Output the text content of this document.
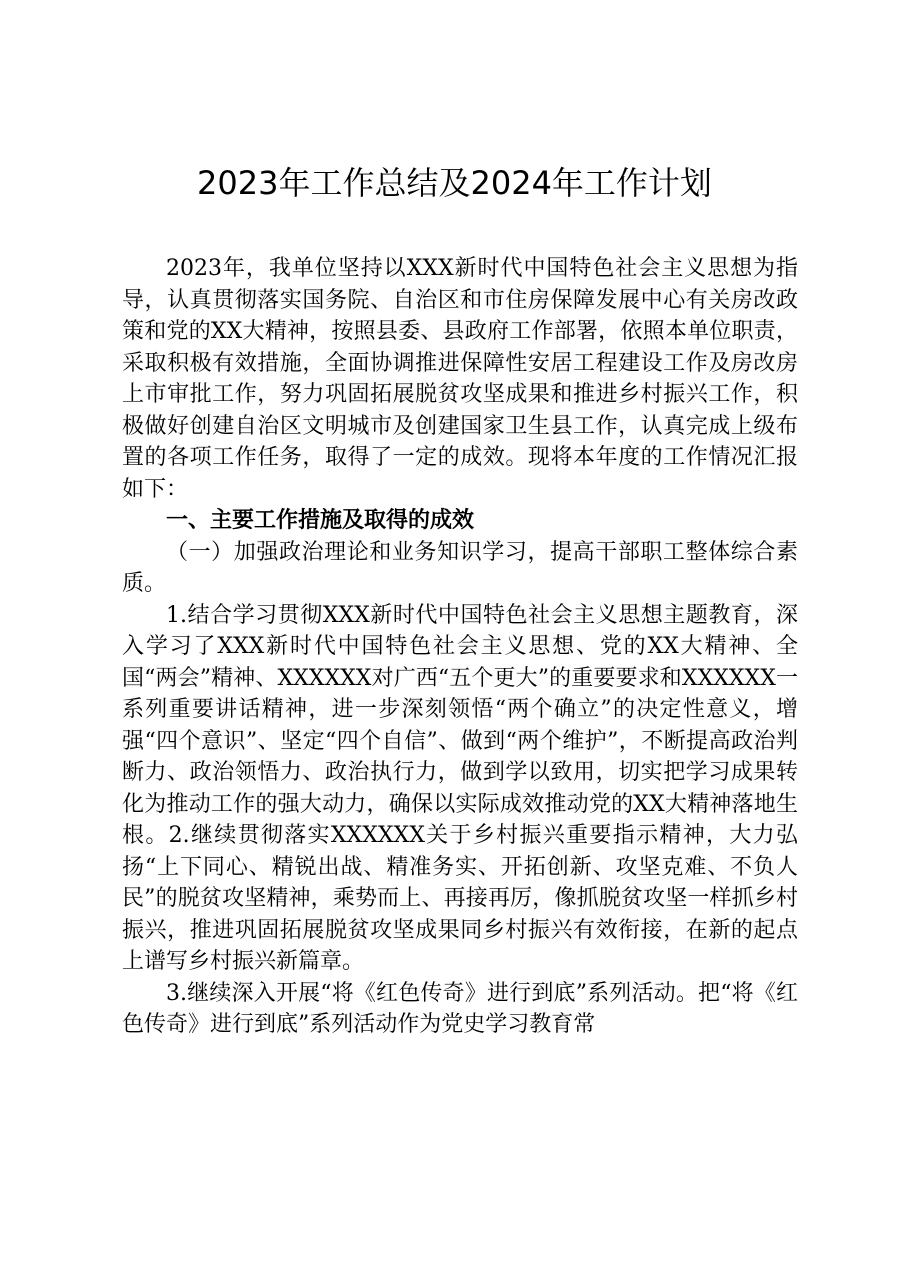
2023年工作总结及2024年工作计划

2023年，我单位坚持以XXX新时代中国特色社会主义思想为指导，认真贯彻落实国务院、自治区和市住房保障发展中心有关房改政策和党的XX大精神，按照县委、县政府工作部署，依照本单位职责，采取积极有效措施，全面协调推进保障性安居工程建设工作及房改房上市审批工作，努力巩固拓展脱贫攻坚成果和推进乡村振兴工作，积极做好创建自治区文明城市及创建国家卫生县工作，认真完成上级布置的各项工作任务，取得了一定的成效。现将本年度的工作情况汇报如下：

一、主要工作措施及取得的成效

（一）加强政治理论和业务知识学习，提高干部职工整体综合素质。

1.结合学习贯彻XXX新时代中国特色社会主义思想主题教育，深入学习了XXX新时代中国特色社会主义思想、党的XX大精神、全国“两会”精神、XXXXXX对广西“五个更大”的重要要求和XXXXXX一系列重要讲话精神，进一步深刻领悟“两个确立”的决定性意义，增强“四个意识”、坚定“四个自信”、做到“两个维护”，不断提高政治判断力、政治领悟力、政治执行力，做到学以致用，切实把学习成果转化为推动工作的强大动力，确保以实际成效推动党的XX大精神落地生根。2.继续贯彻落实XXXXXX关于乡村振兴重要指示精神，大力弘扬“上下同心、精锐出战、精准务实、开拓创新、攻坚克难、不负人民”的脱贫攻坚精神，乘势而上、再接再厉，像抓脱贫攻坚一样抓乡村振兴，推进巩固拓展脱贫攻坚成果同乡村振兴有效衔接，在新的起点上谱写乡村振兴新篇章。

3.继续深入开展“将《红色传奇》进行到底”系列活动。把“将《红色传奇》进行到底”系列活动作为党史学习教育常
